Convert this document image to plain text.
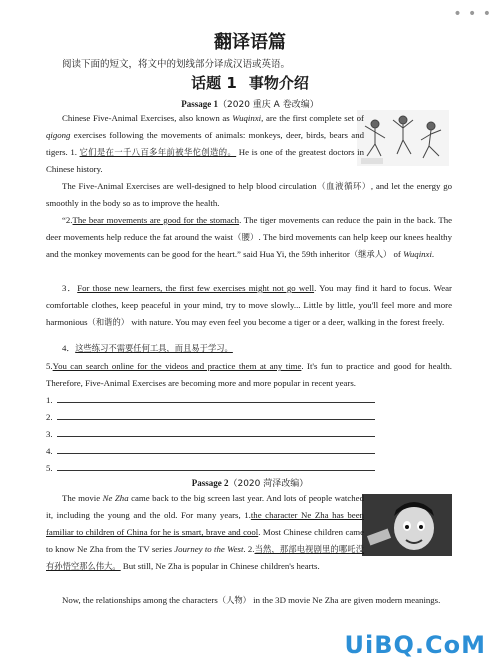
• • •
翻译语篇
阅读下面的短文，将文中的划线部分译成汉语或英语。
话题 1 事物介绍
Passage 1（2020 重庆 A 卷改编）
Chinese Five-Animal Exercises, also known as Wuqinxi, are the first complete set of qigong exercises following the movements of animals: monkeys, deer, birds, bears and tigers. 1. 它们是在一千八百多年前被华佗创造的。 He is one of the greatest doctors in Chinese history.
The Five-Animal Exercises are well-designed to help blood circulation（血液循环）, and let the energy go smoothly in the body so as to improve the health.
“2.The bear movements are good for the stomach. The tiger movements can reduce the pain in the back. The deer movements help reduce the fat around the waist（腰）. The bird movements can help keep our knees healthy and the monkey movements can be good for the heart.” said Hua Yi, the 59th inheritor（继承人） of Wuqinxi.
3．For those new learners, the first few exercises might not go well. You may find it hard to focus. Wear comfortable clothes, keep peaceful in your mind, try to move slowly... Little by little, you'll feel more and more harmonious（和谐的） with nature. You may even feel you become a tiger or a deer, walking in the forest freely.
4．这些练习不需要任何工具，而且易于学习。
5.You can search online for the videos and practice them at any time. It's fun to practice and good for health. Therefore, Five-Animal Exercises are becoming more and more popular in recent years.
1.
2.
3.
4.
5.
Passage 2（2020 菏泽改编）
The movie Ne Zha came back to the big screen last year. And lots of people watched it, including the young and the old. For many years, 1.the character Ne Zha has been familiar to children of China for he is smart, brave and cool. Most Chinese children came to know Ne Zha from the TV series Journey to the West. 2.当然，那部电视剧里的哪吒没有孙悟空那么伟大。 But still, Ne Zha is popular in Chinese children's hearts.
Now, the relationships among the characters（人物） in the 3D movie Ne Zha are given modern meanings.
UiBQ.CoM
